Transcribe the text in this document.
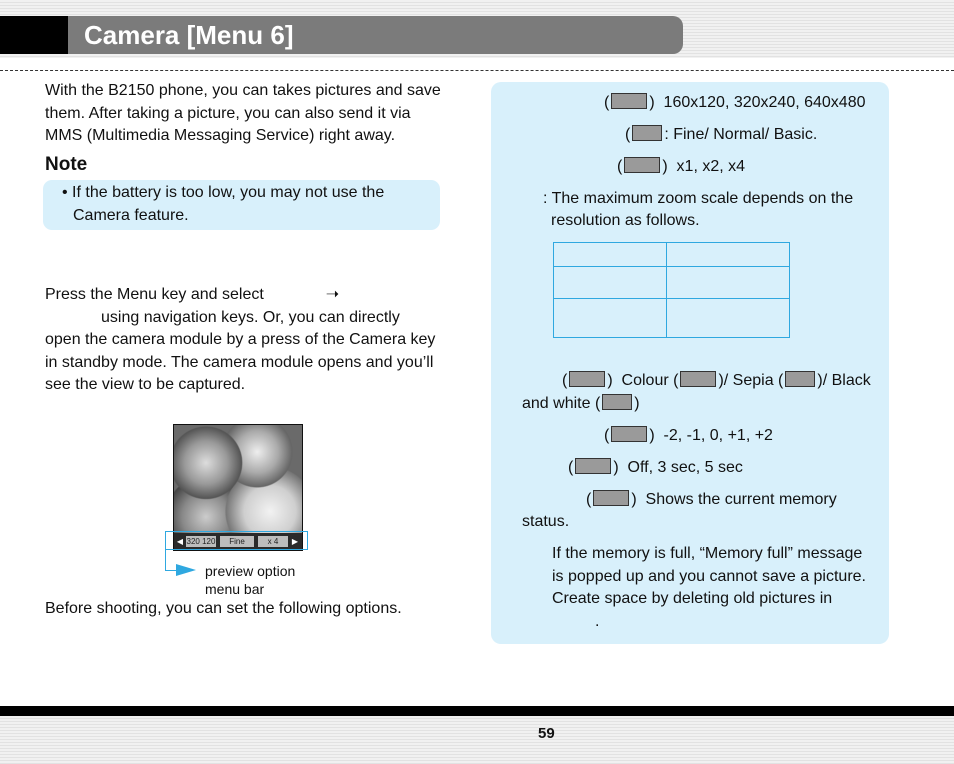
Camera [Menu 6]
With the B2150 phone, you can takes pictures and save them. After taking a picture, you can also send it via MMS (Multimedia Messaging Service) right away.
Note
• If the battery is too low, you may not use the
Camera feature.
Press the Menu key and select	➝
using navigation keys. Or, you can directly
open the camera module by a press of the Camera key
in standby mode. The camera module opens and you’ll
see the view to be captured.
◀ 320 120	Fine	x 4	▶
preview option
menu bar
Before shooting, you can set the following options.
(	)  160x120, 320x240, 640x480
( : Fine/ Normal/ Basic.
(	)  x1, x2, x4
: The maximum zoom scale depends on the
resolution as follows.
(	)  Colour (	)/ Sepia ( )/ Black
and white ( )
(	)  -2, -1, 0, +1, +2
(	)  Off, 3 sec, 5 sec
(	)  Shows the current memory
status.
If the memory is full, “Memory full” message
is popped up and you cannot save a picture.
Create space by deleting old pictures in
.
59
